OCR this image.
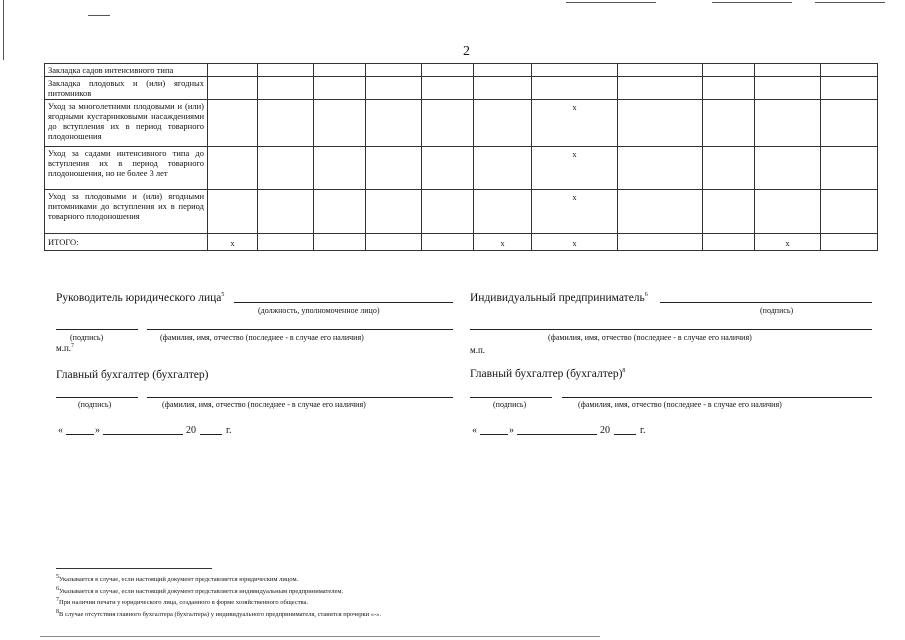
2
Закладка садов интенсивного типа											
Закладка плодовых и (или) ягодных питомников											
Уход за многолетними плодовыми и (или) ягодными кустарниковыми насаждениями до вступления их в период товарного плодоношения							х				
Уход за садами интенсивного типа до вступления их в период товарного плодоношения, но не более 3 лет							х				
Уход за плодовыми и (или) ягодными питомниками до вступления их в период товарного плодоношения							х				
ИТОГО:	х					х	х			х	
Руководитель юридического лица$^5$
(должность, уполномоченное лицо)
(подпись)	(фамилия, имя, отчество (последнее - в случае его наличия)
м.п.$^7$
Главный бухгалтер (бухгалтер)
(подпись)	(фамилия, имя, отчество (последнее - в случае его наличия)
«	»	20	г.
Индивидуальный предприниматель$^6$
(подпись)
(фамилия, имя, отчество (последнее - в случае его наличия)
м.п.
Главный бухгалтер (бухгалтер)$^8$
(подпись)	(фамилия, имя, отчество (последнее - в случае его наличия)
«	»	20	г.
$^5$Указывается в случае, если настоящий документ представляется юридическим лицом.
$^6$Указывается в случае, если настоящий документ представляется индивидуальным предпринимателем.
$^7$При наличии печати у юридического лица, созданного в форме хозяйственного общества.
$^8$В случае отсутствия главного бухгалтера (бухгалтера) у индивидуального предпринимателя, ставится прочерки «-».
